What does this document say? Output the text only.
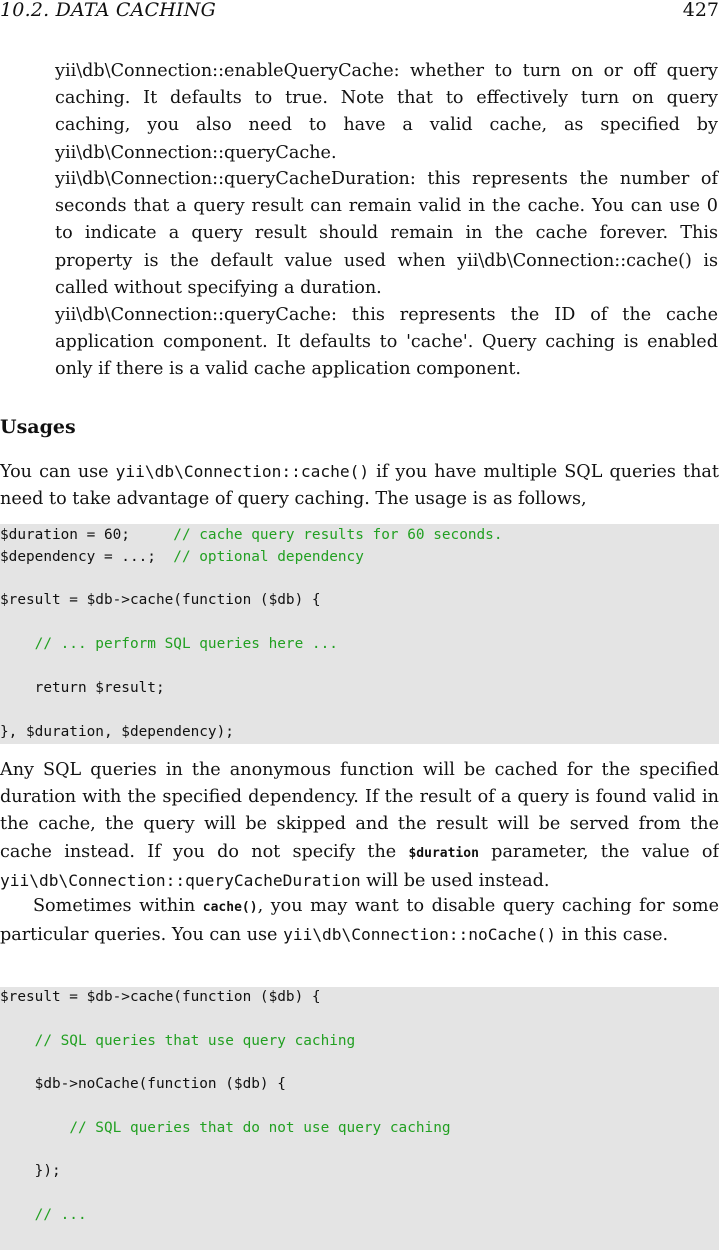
10.2. DATA CACHING	427
yii\db\Connection::enableQueryCache: whether to turn on or off query caching. It defaults to true. Note that to effectively turn on query caching, you also need to have a valid cache, as specified by yii\db\Connection::queryCache.
yii\db\Connection::queryCacheDuration: this represents the number of seconds that a query result can remain valid in the cache. You can use 0 to indicate a query result should remain in the cache forever. This property is the default value used when yii\db\Connection::cache() is called without specifying a duration.
yii\db\Connection::queryCache: this represents the ID of the cache application component. It defaults to 'cache'. Query caching is enabled only if there is a valid cache application component.
Usages
You can use yii\db\Connection::cache() if you have multiple SQL queries that need to take advantage of query caching. The usage is as follows,
$duration = 60;     // cache query results for 60 seconds.
$dependency = ...;  // optional dependency
$result = $db->cache(function ($db) {
// ... perform SQL queries here ...
return $result;
}, $duration, $dependency);
Any SQL queries in the anonymous function will be cached for the specified duration with the specified dependency. If the result of a query is found valid in the cache, the query will be skipped and the result will be served from the cache instead. If you do not specify the $duration parameter, the value of yii\db\Connection::queryCacheDuration will be used instead.
Sometimes within cache(), you may want to disable query caching for some particular queries. You can use yii\db\Connection::noCache() in this case.
$result = $db->cache(function ($db) {
// SQL queries that use query caching
$db->noCache(function ($db) {
// SQL queries that do not use query caching
});
// ...
